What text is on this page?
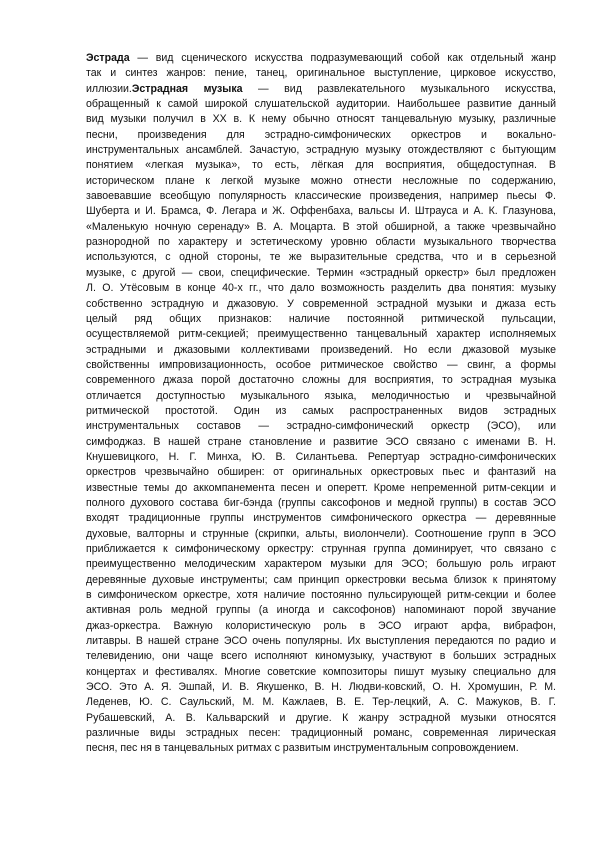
Эстрада — вид сценического искусства подразумевающий собой как отдельный жанр
так и синтез жанров: пение, танец, оригинальное выступление, цирковое искусство,
иллюзии.Эстрадная музыка — вид развлекательного музыкального искусства,
обращенный к самой широкой слушательской аудитории. Наибольшее развитие данный
вид музыки получил в XX в. К нему обычно относят танцевальную музыку, различные
песни, произведения для эстрадно-симфонических оркестров и вокально-
инструментальных ансамблей. Зачастую, эстрадную музыку отождествляют с бытующим
понятием «легкая музыка», то есть, лёгкая для восприятия, общедоступная. В
историческом плане к легкой музыке можно отнести несложные по содержанию,
завоевавшие всеобщую популярность классические произведения, например пьесы Ф.
Шуберта и И. Брамса, Ф. Легара и Ж. Оффенбаха, вальсы И. Штрауса и А. К. Глазунова,
«Маленькую ночную серенаду» В. А. Моцарта. В этой обширной, а также чрезвычайно
разнородной по характеру и эстетическому уровню области музыкального творчества
используются, с одной стороны, те же выразительные средства, что и в серьезной
музыке, с другой — свои, специфические. Термин «эстрадный оркестр» был предложен
Л. О. Утёсовым в конце 40-х гг., что дало возможность разделить два понятия: музыку
собственно эстрадную и джазовую. У современной эстрадной музыки и джаза есть
целый ряд общих признаков: наличие постоянной ритмической пульсации,
осуществляемой ритм-секцией; преимущественно танцевальный характер исполняемых
эстрадными и джазовыми коллективами произведений. Но если джазовой музыке
свойственны импровизационность, особое ритмическое свойство — свинг, а формы
современного джаза порой достаточно сложны для восприятия, то эстрадная музыка
отличается доступностью музыкального языка, мелодичностью и чрезвычайной
ритмической простотой. Один из самых распространенных видов эстрадных
инструментальных составов — эстрадно-симфонический оркестр (ЭСО), или
симфоджаз. В нашей стране становление и развитие ЭСО связано с именами В. Н.
Кнушевицкого, Н. Г. Минха, Ю. В. Силантьева. Репертуар эстрадно-симфонических
оркестров чрезвычайно обширен: от оригинальных оркестровых пьес и фантазий на
известные темы до аккомпанемента песен и оперетт. Кроме непременной ритм-секции и
полного духового состава биг-бэнда (группы саксофонов и медной группы) в состав ЭСО
входят традиционные группы инструментов симфонического оркестра — деревянные
духовые, валторны и струнные (скрипки, альты, виолончели). Соотношение групп в ЭСО
приближается к симфоническому оркестру: струнная группа доминирует, что связано с
преимущественно мелодическим характером музыки для ЭСО; большую роль играют
деревянные духовые инструменты; сам принцип оркестровки весьма близок к принятому
в симфоническом оркестре, хотя наличие постоянно пульсирующей ритм-секции и более
активная роль медной группы (а иногда и саксофонов) напоминают порой звучание
джаз-оркестра. Важную колористическую роль в ЭСО играют арфа, вибрафон,
литавры. В нашей стране ЭСО очень популярны. Их выступления передаются по радио и
телевидению, они чаще всего исполняют киномузыку, участвуют в больших эстрадных
концертах и фестивалях. Многие советские композиторы пишут музыку специально для
ЭСО. Это А. Я. Эшпай, И. В. Якушенко, В. Н. Людви-ковский, О. Н. Хромушин, Р. М.
Леденев, Ю. С. Саульский, М. М. Кажлаев, В. Е. Тер-лецкий, А. С. Мажуков, В. Г.
Рубашевский, А. В. Кальварский и другие. К жанру эстрадной музыки относятся
различные виды эстрадных песен: традиционный романс, современная лирическая
песня, пес ня в танцевальных ритмах с развитым инструментальным сопровождением.
